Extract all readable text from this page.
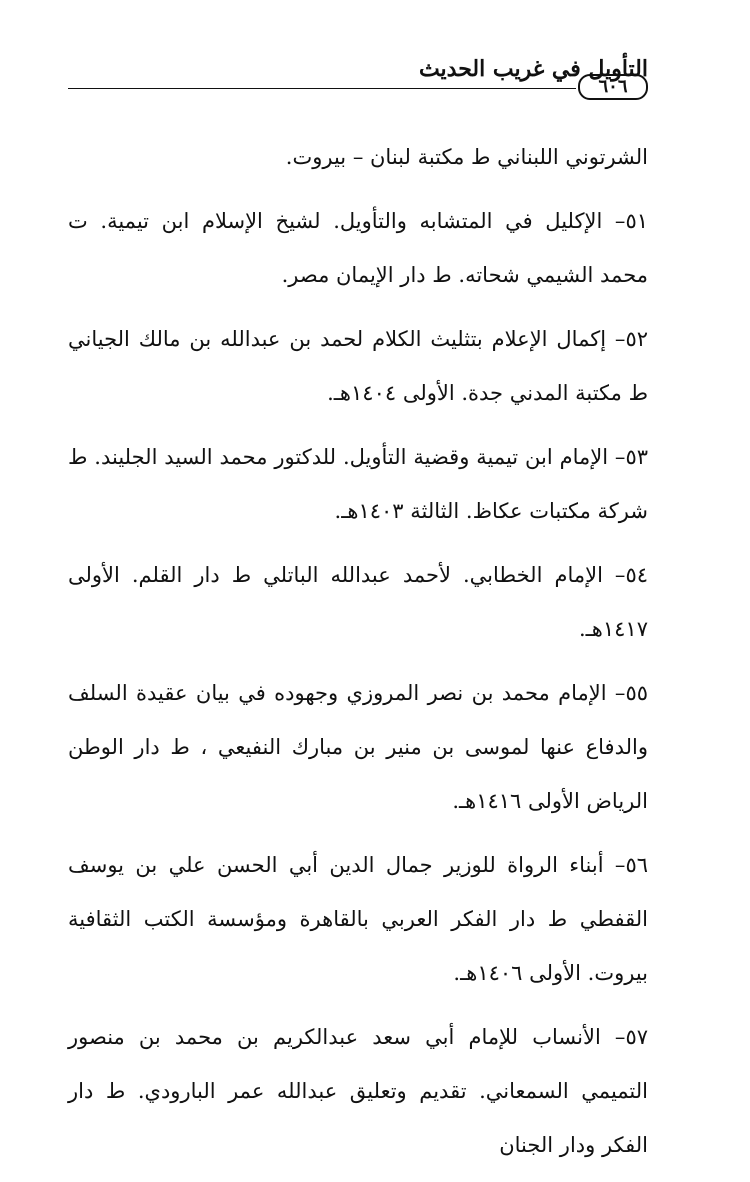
التأويل في غريب الحديث
٦٠٦

الشرتوني اللبناني ط مكتبة لبنان – بيروت.

٥١– الإكليل في المتشابه والتأويل. لشيخ الإسلام ابن تيمية. ت محمد الشيمي شحاته. ط دار الإيمان مصر.

٥٢– إكمال الإعلام بتثليث الكلام لحمد بن عبدالله بن مالك الجياني ط مكتبة المدني جدة. الأولى ١٤٠٤هـ.

٥٣– الإمام ابن تيمية وقضية التأويل. للدكتور محمد السيد الجليند. ط شركة مكتبات عكاظ. الثالثة ١٤٠٣هـ.

٥٤– الإمام الخطابي. لأحمد عبدالله الباتلي ط دار القلم. الأولى ١٤١٧هـ.

٥٥– الإمام محمد بن نصر المروزي وجهوده في بيان عقيدة السلف والدفاع عنها لموسى بن منير بن مبارك النفيعي ، ط دار الوطن الرياض الأولى ١٤١٦هـ.

٥٦– أبناء الرواة للوزير جمال الدين أبي الحسن علي بن يوسف القفطي ط دار الفكر العربي بالقاهرة ومؤسسة الكتب الثقافية بيروت. الأولى ١٤٠٦هـ.

٥٧– الأنساب للإمام أبي سعد عبدالكريم بن محمد بن منصور التميمي السمعاني. تقديم وتعليق عبدالله عمر البارودي. ط دار الفكر ودار الجنان
